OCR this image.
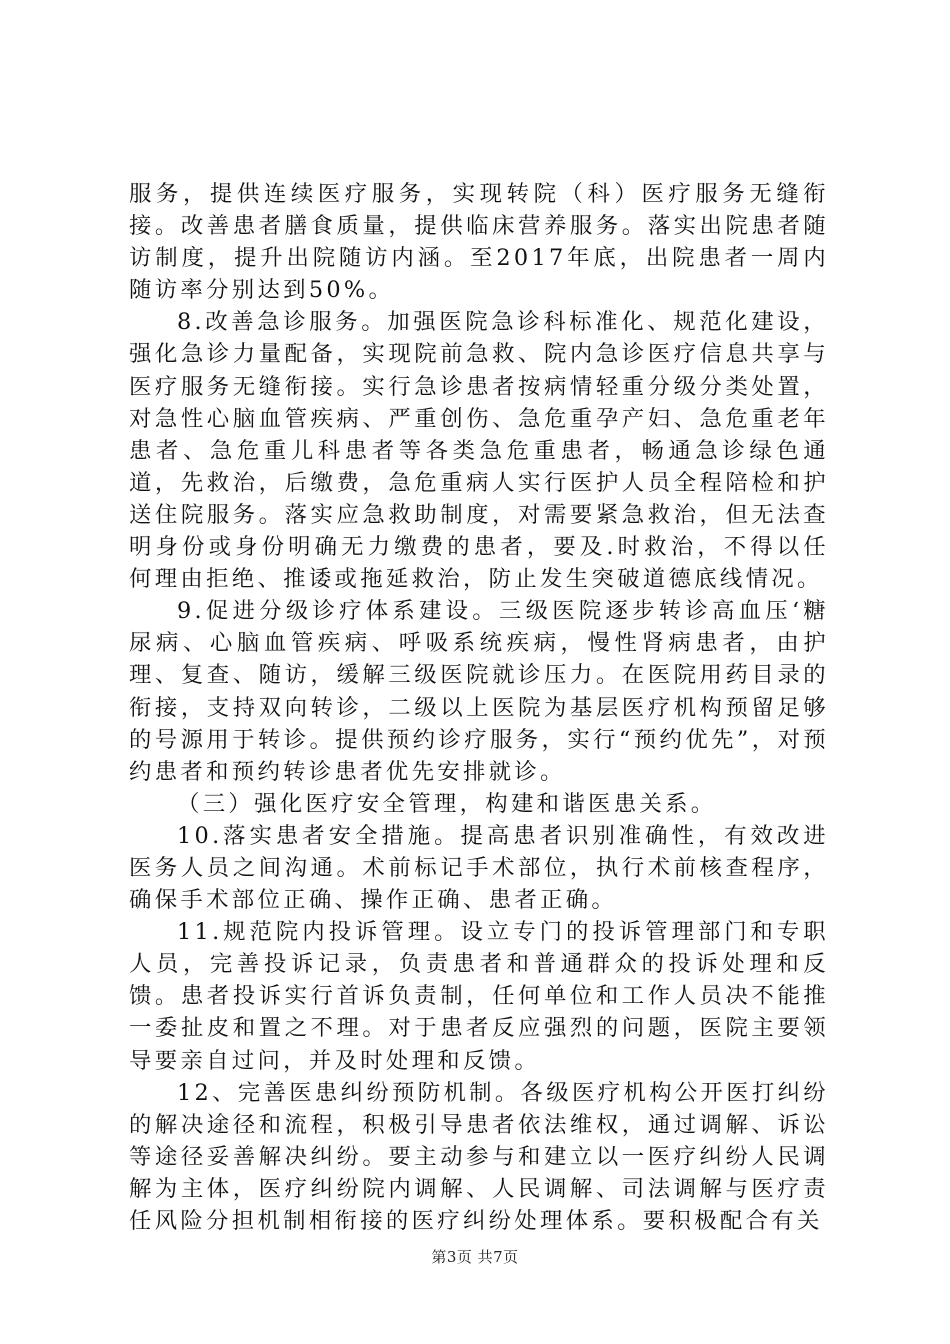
服务，提供连续医疗服务，实现转院（科）医疗服务无缝衔接。改善患者膳食质量，提供临床营养服务。落实出院患者随访制度，提升出院随访内涵。至2017年底，出院患者一周内随访率分别达到50%。

8.改善急诊服务。加强医院急诊科标准化、规范化建设，强化急诊力量配备，实现院前急救、院内急诊医疗信息共享与医疗服务无缝衔接。实行急诊患者按病情轻重分级分类处置，对急性心脑血管疾病、严重创伤、急危重孕产妇、急危重老年患者、急危重儿科患者等各类急危重患者，畅通急诊绿色通道，先救治，后缴费，急危重病人实行医护人员全程陪检和护送住院服务。落实应急救助制度，对需要紧急救治，但无法查明身份或身份明确无力缴费的患者，要及.时救治，不得以任何理由拒绝、推诿或拖延救治，防止发生突破道德底线情况。

9.促进分级诊疗体系建设。三级医院逐步转诊高血压‘糖尿病、心脑血管疾病、呼吸系统疾病，慢性肾病患者，由护理、复查、随访，缓解三级医院就诊压力。在医院用药目录的衔接，支持双向转诊，二级以上医院为基层医疗机构预留足够的号源用于转诊。提供预约诊疗服务，实行“预约优先”，对预约患者和预约转诊患者优先安排就诊。

（三）强化医疗安全管理，构建和谐医患关系。

10.落实患者安全措施。提高患者识别准确性，有效改进医务人员之间沟通。术前标记手术部位，执行术前核查程序，确保手术部位正确、操作正确、患者正确。

11.规范院内投诉管理。设立专门的投诉管理部门和专职人员，完善投诉记录，负责患者和普通群众的投诉处理和反馈。患者投诉实行首诉负责制，任何单位和工作人员决不能推一委扯皮和置之不理。对于患者反应强烈的问题，医院主要领导要亲自过问，并及时处理和反馈。

12、完善医患纠纷预防机制。各级医疗机构公开医打纠纷的解决途径和流程，积极引导患者依法维权，通过调解、诉讼等途径妥善解决纠纷。要主动参与和建立以一医疗纠纷人民调解为主体，医疗纠纷院内调解、人民调解、司法调解与医疗责任风险分担机制相衔接的医疗纠纷处理体系。要积极配合有关

第3页 共7页
